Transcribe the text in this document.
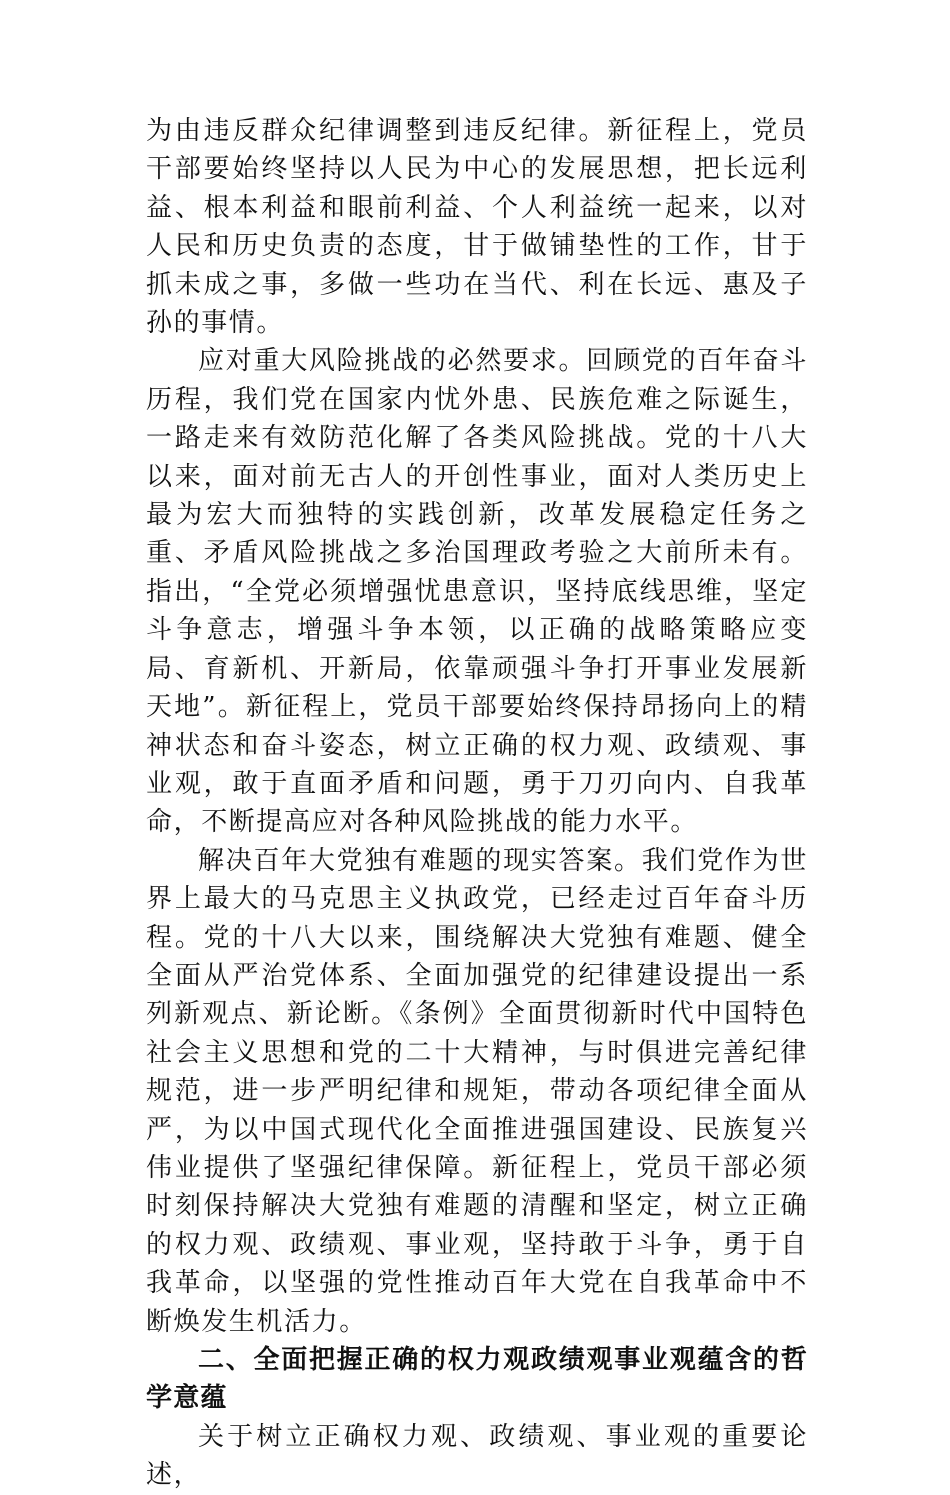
为由违反群众纪律调整到违反纪律。新征程上，党员干部要始终坚持以人民为中心的发展思想，把长远利益、根本利益和眼前利益、个人利益统一起来，以对人民和历史负责的态度，甘于做铺垫性的工作，甘于抓未成之事，多做一些功在当代、利在长远、惠及子孙的事情。

应对重大风险挑战的必然要求。回顾党的百年奋斗历程，我们党在国家内忧外患、民族危难之际诞生，一路走来有效防范化解了各类风险挑战。党的十八大以来，面对前无古人的开创性事业，面对人类历史上最为宏大而独特的实践创新，改革发展稳定任务之重、矛盾风险挑战之多治国理政考验之大前所未有。指出，“全党必须增强忧患意识，坚持底线思维，坚定斗争意志，增强斗争本领，以正确的战略策略应变局、育新机、开新局，依靠顽强斗争打开事业发展新天地”。新征程上，党员干部要始终保持昂扬向上的精神状态和奋斗姿态，树立正确的权力观、政绩观、事业观，敢于直面矛盾和问题，勇于刀刃向内、自我革命，不断提高应对各种风险挑战的能力水平。

解决百年大党独有难题的现实答案。我们党作为世界上最大的马克思主义执政党，已经走过百年奋斗历程。党的十八大以来，围绕解决大党独有难题、健全全面从严治党体系、全面加强党的纪律建设提出一系列新观点、新论断。《条例》全面贯彻新时代中国特色社会主义思想和党的二十大精神，与时俱进完善纪律规范，进一步严明纪律和规矩，带动各项纪律全面从严，为以中国式现代化全面推进强国建设、民族复兴伟业提供了坚强纪律保障。新征程上，党员干部必须时刻保持解决大党独有难题的清醒和坚定，树立正确的权力观、政绩观、事业观，坚持敢于斗争，勇于自我革命，以坚强的党性推动百年大党在自我革命中不断焕发生机活力。

二、全面把握正确的权力观政绩观事业观蕴含的哲学意蕴

关于树立正确权力观、政绩观、事业观的重要论述，
